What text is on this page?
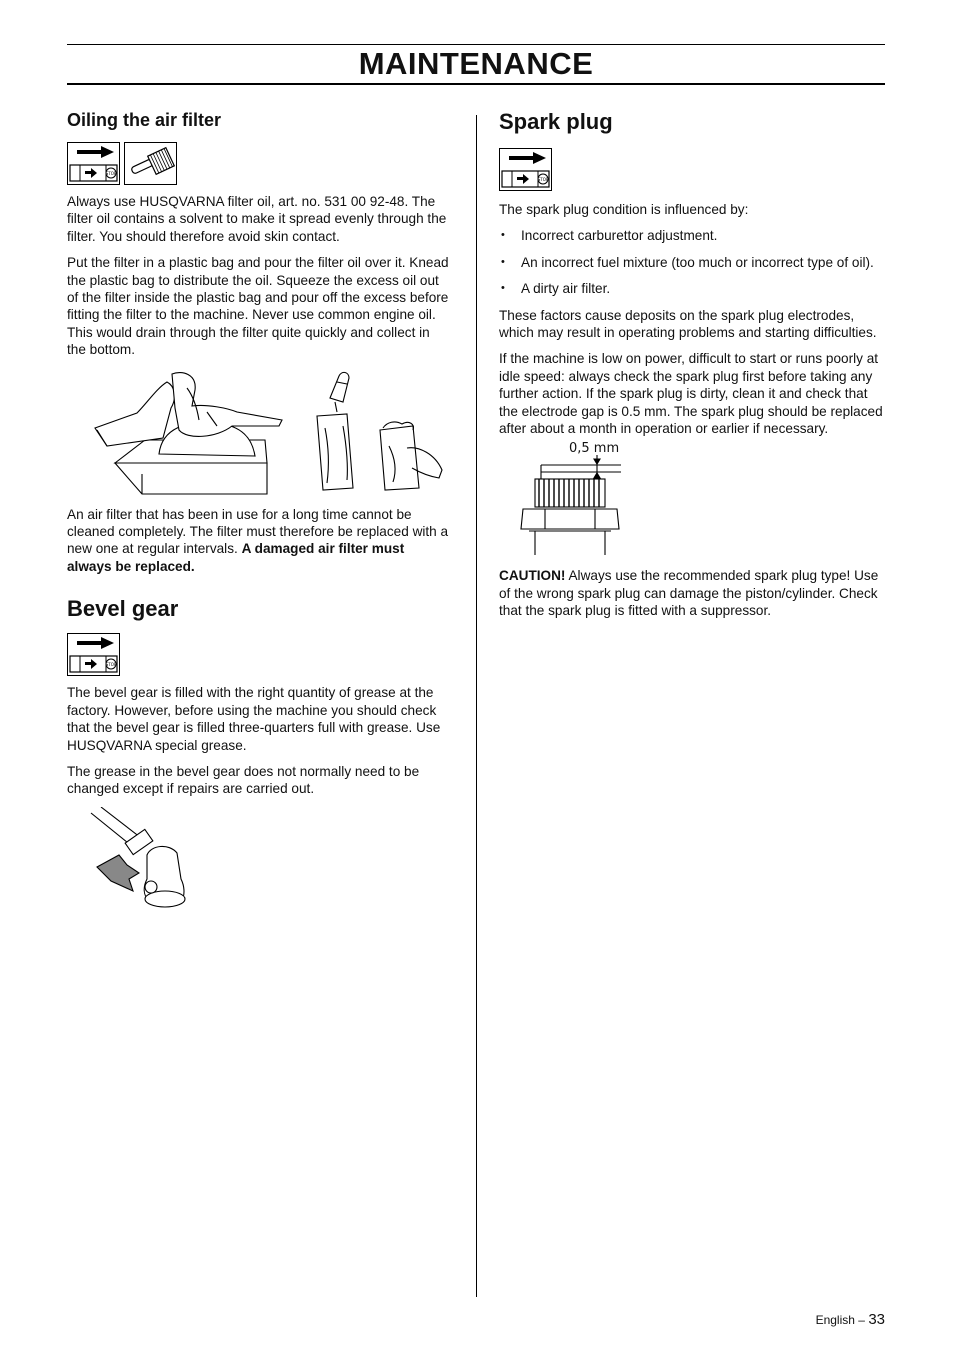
MAINTENANCE
Oiling the air filter
STOP

Always use HUSQVARNA filter oil, art. no. 531 00 92-48. The filter oil contains a solvent to make it spread evenly through the filter. You should therefore avoid skin contact.

Put the filter in a plastic bag and pour the filter oil over it. Knead the plastic bag to distribute the oil. Squeeze the excess oil out of the filter inside the plastic bag and pour off the excess before fitting the filter to the machine. Never use common engine oil. This would drain through the filter quite quickly and collect in the bottom.

An air filter that has been in use for a long time cannot be cleaned completely. The filter must therefore be replaced with a new one at regular intervals. A damaged air filter must always be replaced.

Bevel gear
STOP

The bevel gear is filled with the right quantity of grease at the factory. However, before using the machine you should check that the bevel gear is filled three-quarters full with grease. Use HUSQVARNA special grease.

The grease in the bevel gear does not normally need to be changed except if repairs are carried out.

Spark plug
STOP

The spark plug condition is influenced by:

• Incorrect carburettor adjustment.
• An incorrect fuel mixture (too much or incorrect type of oil).
• A dirty air filter.

These factors cause deposits on the spark plug electrodes, which may result in operating problems and starting difficulties.

If the machine is low on power, difficult to start or runs poorly at idle speed: always check the spark plug first before taking any further action. If the spark plug is dirty, clean it and check that the electrode gap is 0.5 mm. The spark plug should be replaced after about a month in operation or earlier if necessary.

0,5 mm

CAUTION! Always use the recommended spark plug type! Use of the wrong spark plug can damage the piston/cylinder. Check that the spark plug is fitted with a suppressor.

English – 33
